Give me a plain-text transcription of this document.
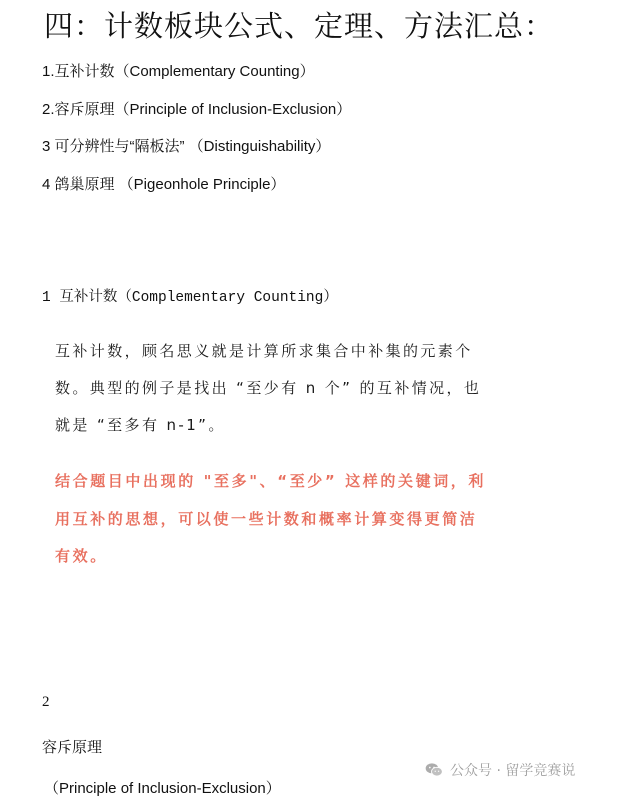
四：计数板块公式、定理、方法汇总：
1.互补计数（Complementary Counting）
2.容斥原理（Principle of Inclusion-Exclusion）
3 可分辨性与“隔板法” （Distinguishability）
4 鸽巢原理 （Pigeonhole Principle）
1 互补计数（Complementary Counting）
互补计数，顾名思义就是计算所求集合中补集的元素个
数。典型的例子是找出 “至少有 n 个” 的互补情况，也
就是 “至多有 n-1”。
结合题目中出现的 "至多"、“至少” 这样的关键词，利
用互补的思想，可以使一些计数和概率计算变得更简洁
有效。
2
容斥原理
（Principle of Inclusion-Exclusion）
公众号 · 留学竞赛说
